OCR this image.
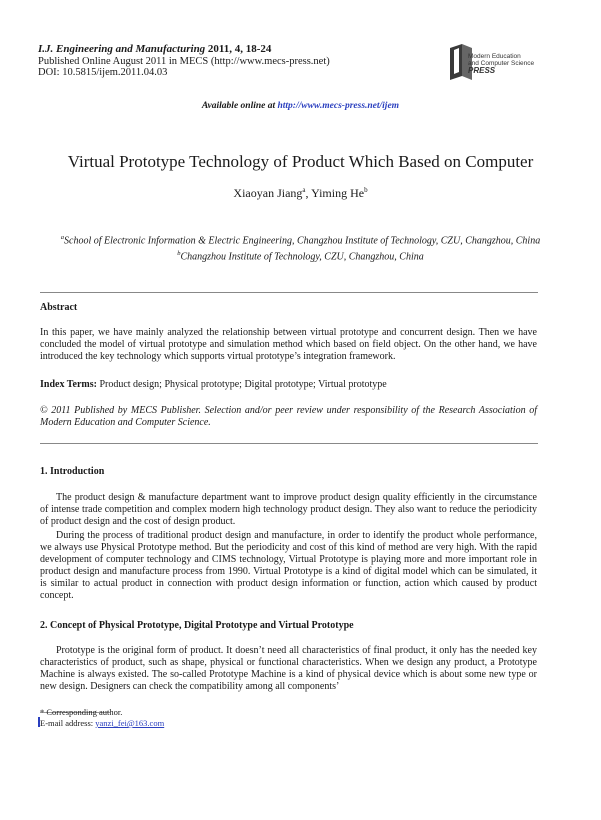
I.J. Engineering and Manufacturing 2011, 4, 18-24
Published Online August 2011 in MECS (http://www.mecs-press.net)
DOI: 10.5815/ijem.2011.04.03
Modern Education
and Computer Science
PRESS
Available online at http://www.mecs-press.net/ijem
Virtual Prototype Technology of Product Which Based on Computer
Xiaoyan Jiang$^a$, Yiming He$^b$
$^a$School of Electronic Information & Electric Engineering, Changzhou Institute of Technology, CZU, Changzhou, China
$^b$Changzhou Institute of Technology, CZU, Changzhou, China
Abstract
In this paper, we have mainly analyzed the relationship between virtual prototype and concurrent design. Then we have concluded the model of virtual prototype and simulation method which based on field object. On the other hand, we have introduced the key technology which supports virtual prototype’s integration framework.
Index Terms: Product design; Physical prototype; Digital prototype; Virtual prototype
© 2011 Published by MECS Publisher. Selection and/or peer review under responsibility of the Research Association of Modern Education and Computer Science.
1. Introduction
The product design & manufacture department want to improve product design quality efficiently in the circumstance of intense trade competition and complex modern high technology product design. They also want to reduce the periodicity of product design and the cost of design product.
During the process of traditional product design and manufacture, in order to identify the product whole performance, we always use Physical Prototype method. But the periodicity and cost of this kind of method are very high. With the rapid development of computer technology and CIMS technology, Virtual Prototype is playing more and more important role in product design and manufacture process from 1990. Virtual Prototype is a kind of digital model which can be simulated, it is similar to actual product in connection with product design information or function, action which caused by product concept.
2. Concept of Physical Prototype, Digital Prototype and Virtual Prototype
Prototype is the original form of product. It doesn’t need all characteristics of final product, it only has the needed key characteristics of product, such as shape, physical or functional characteristics. When we design any product, a Prototype Machine is always existed. The so-called Prototype Machine is a kind of physical device which is about some new type or new design. Designers can check the compatibility among all components’
* Corresponding author.
E-mail address: yanzi_fei@163.com
